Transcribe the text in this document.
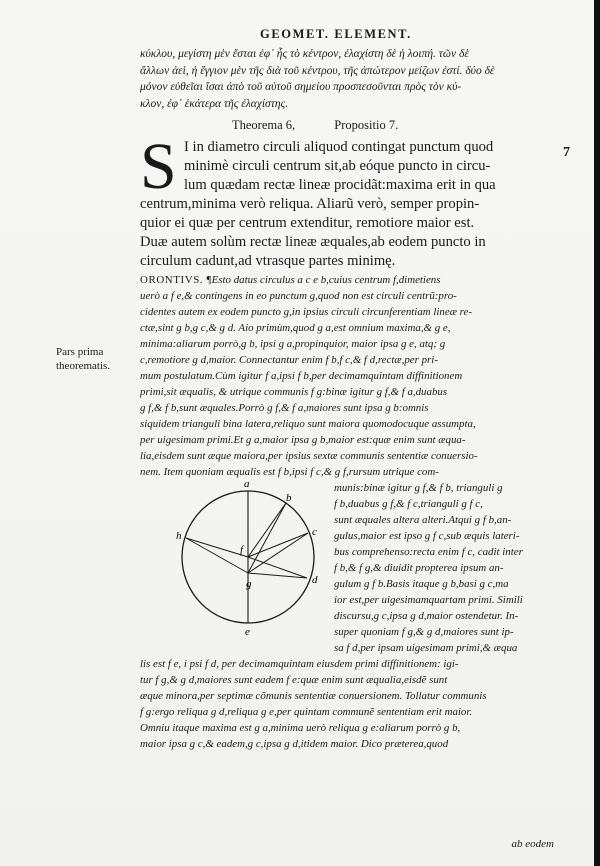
GEOMET. ELEMENT.
κύκλου, μεγίστη μὲν ἔσται ἐφ᾽ ἧς τὸ κέντρον, ἐλαχίστη δὲ ἡ λοιπή. τῶν δὲ
ἄλλων ἀεὶ, ἡ ἔγγιον μὲν τῆς διὰ τοῦ κέντρου, τῆς ἀπώτερον μείζων ἐστί. δύο δὲ
μόνον εὐθεῖαι ἴσαι ἀπὸ τοῦ αὐτοῦ σημείου προσπεσοῦνται πρὸς τὸν κύ-
κλον, ἐφ᾽ ἑκάτερα τῆς ἐλαχίστης.
Theorema 6,	Propositio 7.
7
S I in diametro circuli aliquod contingat punctum quod
minimè circuli centrum sit,ab eóque puncto in circu-
lum quædam rectæ lineæ procidãt:maxima erit in qua
centrum,minima verò reliqua. Aliarũ verò, semper propin-
quior ei quæ per centrum extenditur, remotiore maior est.
Duæ autem solùm rectæ lineæ æquales,ab eodem puncto in
circulum cadunt,ad vtrasque partes minimę.
Pars prima
theorematis.
ORONTIVS. ¶Esto datus circulus a c e b,cuius centrum f,dimetiens
uerò a f e,& contingens in eo punctum g,quod non est circuli centrũ:pro-
cidentes autem ex eodem puncto g,in ipsius circuli circunferentiam lineæ re-
ctæ,sint g b,g c,& g d. Aio primùm,quod g a,est omnium maxima,& g e,
minima:aliarum porrò,g b, ipsi g a,propinquior, maior ipsa g e, atq; g
c,remotiore g d,maior. Connectantur enim f b,f c,& f d,rectæ,per pri-
mum postulatum.Cùm igitur f a,ipsi f b,per decimamquintam diffinitionem
primi,sit æqualis, & utrique communis f g:binæ igitur g f,& f a,duabus
g f,& f b,sunt æquales.Porrò g f,& f a,maiores sunt ipsa g b:omnis
siquidem trianguli bina latera,reliquo sunt maiora quomodocuque assumpta,
per uigesimam primi.Et g a,maior ipsa g b,maior est:quæ enim sunt æqua-
lia,eisdem sunt æque maiora,per ipsius sextæ communis sententiæ conuersio-
nem. Item quoniam æqualis est f b,ipsi f c,& g f,rursum utrique com-
munis:binæ igitur g f,& f b, trianguli g
f b,duabus g f,& f c,trianguli g f c,
sunt æquales altera alteri.Atqui g f b,an-
gulus,maior est ipso g f c,sub æquis lateri-
bus comprehenso:recta enim f c, cadit inter
f b,& f g,& diuidit propterea ipsum an-
gulum g f b.Basis itaque g b,basi g c,ma
ior est,per uigesimamquartam primi. Simili
discursu,g c,ipsa g d,maior ostendetur. In-
super quoniam f g,& g d,maiores sunt ip-
sa f d,per ipsam uigesimam primi,& æqua
lis est f e, i psi f d, per decimamquintam eiusdem primi diffinitionem: igi-
tur f g,& g d,maiores sunt eadem f e:quæ enim sunt æqualia,eisdẽ sunt
æque minora,per septimæ cõmunis sententiæ conuersionem. Tollatur communis
f g:ergo reliqua g d,reliqua g e,per quintam communẽ sententiam erit maior.
Omniu itaque maxima est g a,minima uerò reliqua g e:aliarum porrò g b,
maior ipsa g c,& eadem,g c,ipsa g d,itidem maior. Dico præterea,quod
a
b
c
d
e
f
g
h
ab eodem
